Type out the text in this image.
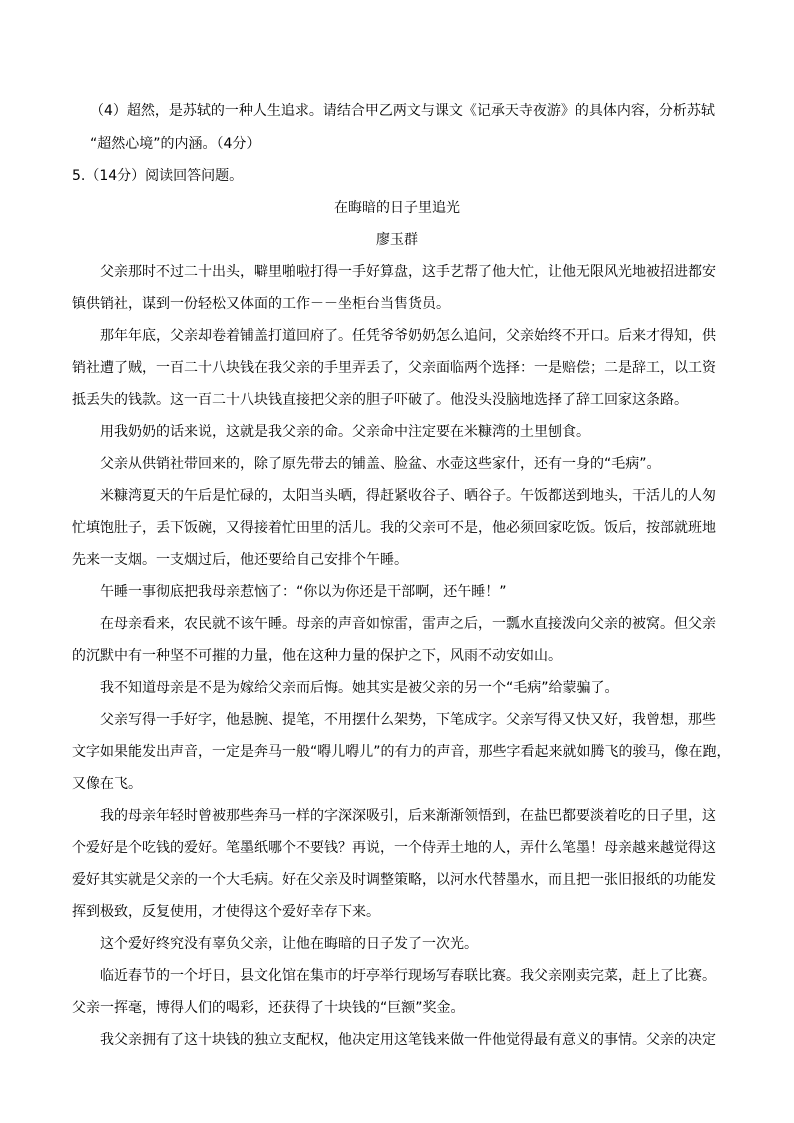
（4）超然，是苏轼的一种人生追求。请结合甲乙两文与课文《记承天寺夜游》的具体内容，分析苏轼
“超然心境”的内涵。（4分）
5.（14分）阅读回答问题。
在晦暗的日子里追光
廖玉群
父亲那时不过二十出头，噼里啪啦打得一手好算盘，这手艺帮了他大忙，让他无限风光地被招进都安
镇供销社，谋到一份轻松又体面的工作－－坐柜台当售货员。
那年年底，父亲却卷着铺盖打道回府了。任凭爷爷奶奶怎么追问，父亲始终不开口。后来才得知，供
销社遭了贼，一百二十八块钱在我父亲的手里弄丢了，父亲面临两个选择：一是赔偿；二是辞工，以工资
抵丢失的钱款。这一百二十八块钱直接把父亲的胆子吓破了。他没头没脑地选择了辞工回家这条路。
用我奶奶的话来说，这就是我父亲的命。父亲命中注定要在米糠湾的土里刨食。
父亲从供销社带回来的，除了原先带去的铺盖、脸盆、水壶这些家什，还有一身的“毛病”。
米糠湾夏天的午后是忙碌的，太阳当头晒，得赶紧收谷子、晒谷子。午饭都送到地头，干活儿的人匆
忙填饱肚子，丢下饭碗，又得接着忙田里的活儿。我的父亲可不是，他必须回家吃饭。饭后，按部就班地
先来一支烟。一支烟过后，他还要给自己安排个午睡。
午睡一事彻底把我母亲惹恼了：“你以为你还是干部啊，还午睡！”
在母亲看来，农民就不该午睡。母亲的声音如惊雷，雷声之后，一瓢水直接泼向父亲的被窝。但父亲
的沉默中有一种坚不可摧的力量，他在这种力量的保护之下，风雨不动安如山。
我不知道母亲是不是为嫁给父亲而后悔。她其实是被父亲的另一个“毛病”给蒙骗了。
父亲写得一手好字，他悬腕、提笔，不用摆什么架势，下笔成字。父亲写得又快又好，我曾想，那些
文字如果能发出声音，一定是奔马一般“嘚儿嘚儿”的有力的声音，那些字看起来就如腾飞的骏马，像在跑，
又像在飞。
我的母亲年轻时曾被那些奔马一样的字深深吸引，后来渐渐领悟到，在盐巴都要淡着吃的日子里，这
个爱好是个吃钱的爱好。笔墨纸哪个不要钱？再说，一个侍弄土地的人，弄什么笔墨！母亲越来越觉得这
爱好其实就是父亲的一个大毛病。好在父亲及时调整策略，以河水代替墨水，而且把一张旧报纸的功能发
挥到极致，反复使用，才使得这个爱好幸存下来。
这个爱好终究没有辜负父亲，让他在晦暗的日子发了一次光。
临近春节的一个圩日，县文化馆在集市的圩亭举行现场写春联比赛。我父亲刚卖完菜，赶上了比赛。
父亲一挥毫，博得人们的喝彩，还获得了十块钱的“巨额”奖金。
我父亲拥有了这十块钱的独立支配权，他决定用这笔钱来做一件他觉得最有意义的事情。父亲的决定
